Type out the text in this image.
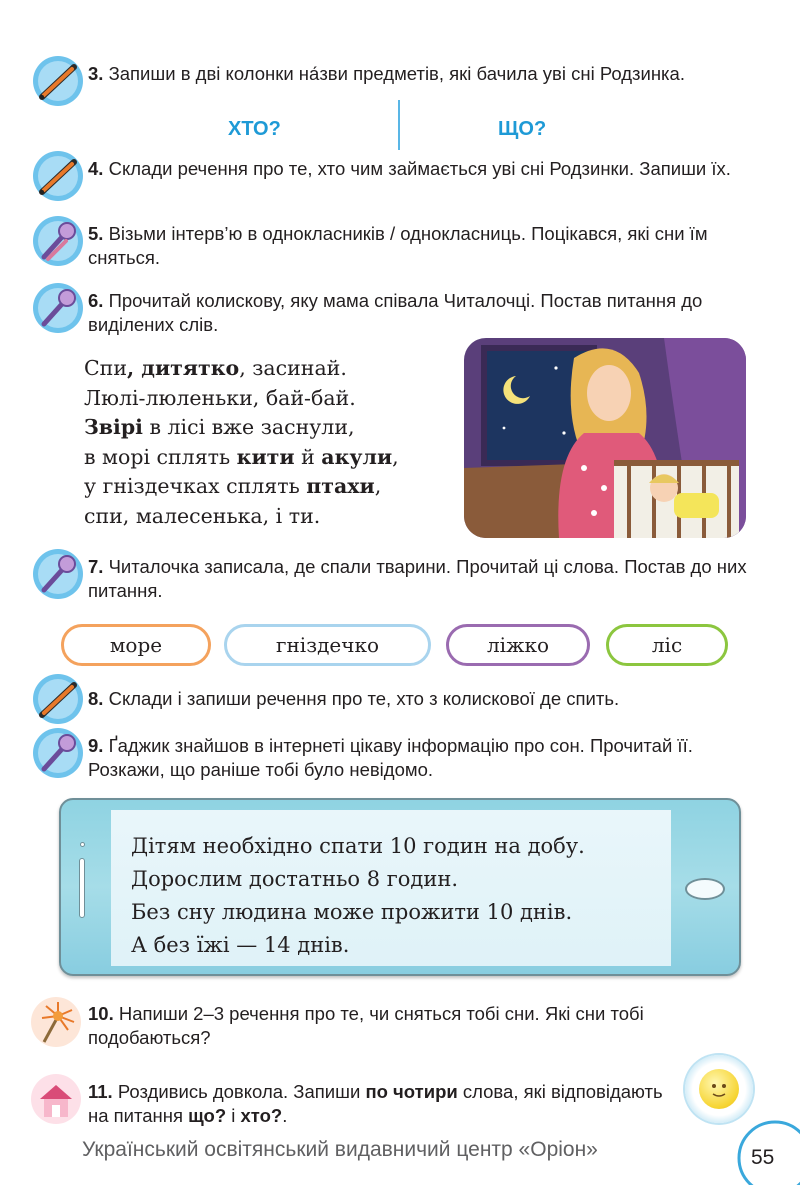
3. Запиши в дві колонки на́зви предметів, які бачила уві сні Родзинка.
ХТО?	ЩО?
4. Склади речення про те, хто чим займається уві сні Родзинки. Запиши їх.
5. Візьми інтерв’ю в однокласників / однокласниць. Поцікався, які сни їм сняться.
6. Прочитай колискову, яку мама співала Читалочці. Постав питання до виділених слів.
Спи, дитятко, засинай.
Люлі-люленьки, бай-бай.
Звірі в лісі вже заснули,
в морі сплять кити й акули,
у гніздечках сплять птахи,
спи, малесенька, і ти.
7. Читалочка записала, де спали тварини. Прочитай ці слова. Постав до них питання.
море	гніздечко	ліжко	ліс
8. Склади і запиши речення про те, хто з колискової де спить.
9. Ґаджик знайшов в інтернеті цікаву інформацію про сон. Прочитай її. Розкажи, що раніше тобі було невідомо.
Дітям необхідно спати 10 годин на добу.
Дорослим достатньо 8 годин.
Без сну людина може прожити 10 днів.
А без їжі — 14 днів.
10. Напиши 2–3 речення про те, чи сняться тобі сни. Які сни тобі подобаються?
11. Роздивись довкола. Запиши по чотири слова, які відповідають на питання що? і хто?.
Український освітянський видавничий центр «Оріон»	55
